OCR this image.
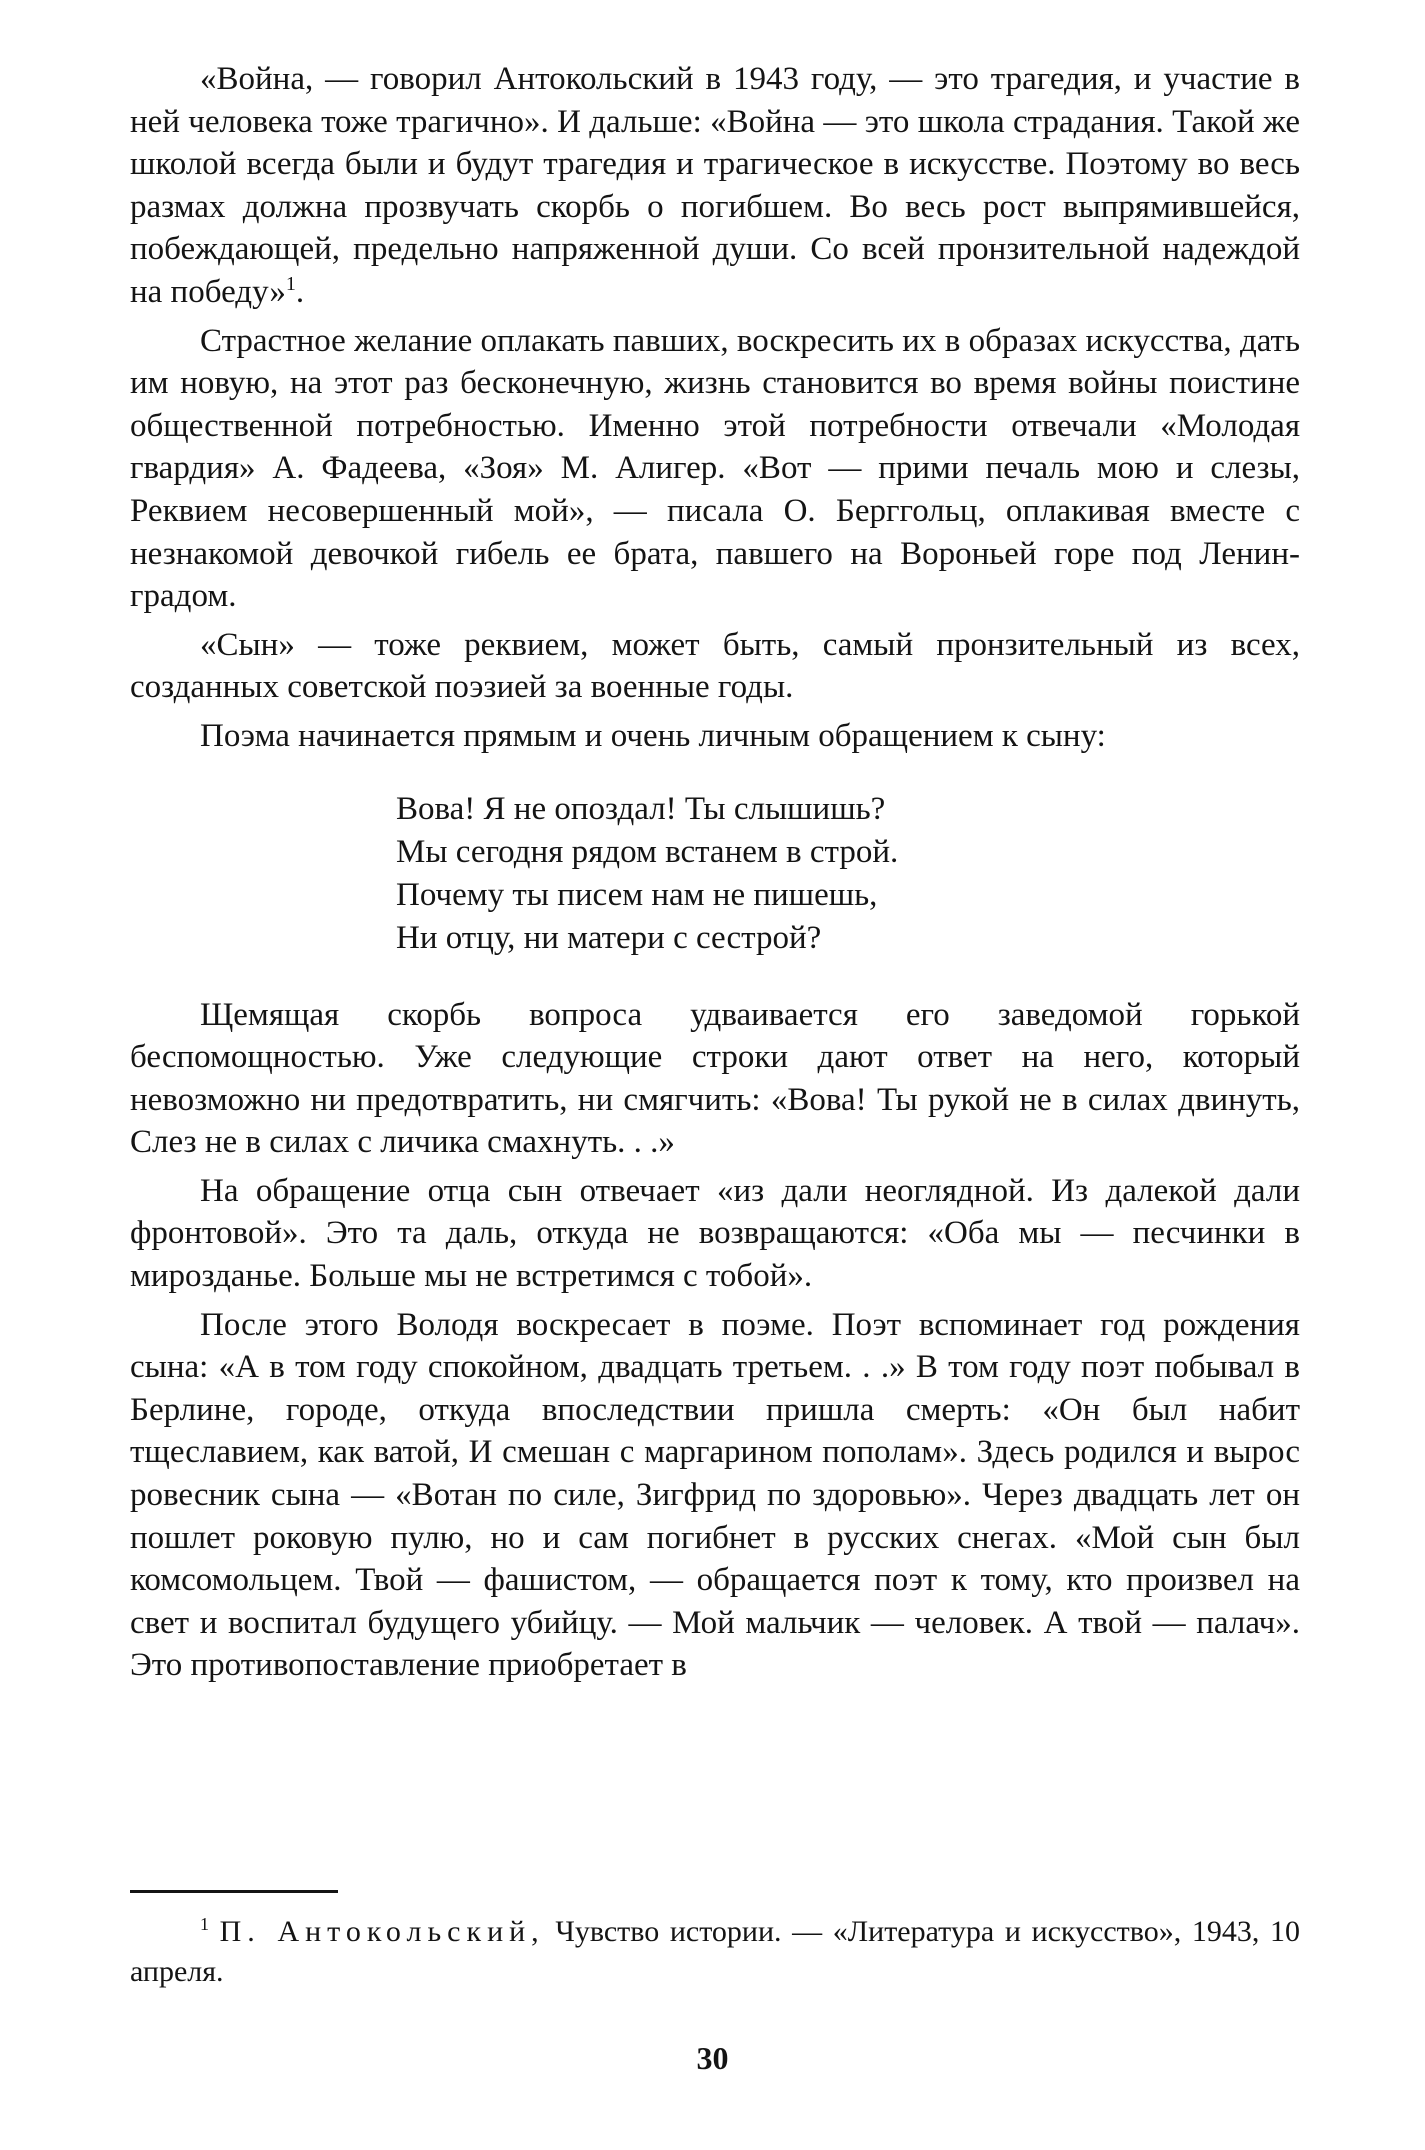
«Война, — говорил Антокольский в 1943 году, — это трагедия, и участие в ней человека тоже трагично». И дальше: «Война — это школа страдания. Такой же школой всегда были и будут трагедия и трагическое в искусстве. Поэтому во весь размах должна прозвучать скорбь о погибшем. Во весь рост выпрямившейся, побеждающей, предельно напряженной души. Со всей пронзительной надеждой на победу»$^1$.

Страстное желание оплакать павших, воскресить их в образах искусства, дать им новую, на этот раз бесконечную, жизнь становится во время войны поистине общественной потребностью. Именно этой потребности отвечали «Молодая гвардия» А. Фадеева, «Зоя» М. Алигер. «Вот — прими печаль мою и слезы, Реквием несовершенный мой», — писала О. Берггольц, оплакивая вместе с незнакомой девочкой гибель ее брата, павшего на Вороньей горе под Ленинградом.

«Сын» — тоже реквием, может быть, самый пронзительный из всех, созданных советской поэзией за военные годы.

Поэма начинается прямым и очень личным обращением к сыну:

Вова! Я не опоздал! Ты слышишь?
Мы сегодня рядом встанем в строй.
Почему ты писем нам не пишешь,
Ни отцу, ни матери с сестрой?

Щемящая скорбь вопроса удваивается его заведомой горькой беспомощностью. Уже следующие строки дают ответ на него, который невозможно ни предотвратить, ни смягчить: «Вова! Ты рукой не в силах двинуть, Слез не в силах с личика смахнуть. . .»

На обращение отца сын отвечает «из дали неоглядной. Из далекой дали фронтовой». Это та даль, откуда не возвращаются: «Оба мы — песчинки в мирозданье. Больше мы не встретимся с тобой».

После этого Володя воскресает в поэме. Поэт вспоминает год рождения сына: «А в том году спокойном, двадцать третьем. . .» В том году поэт побывал в Берлине, городе, откуда впоследствии пришла смерть: «Он был набит тщеславием, как ватой, И смешан с маргарином пополам». Здесь родился и вырос ровесник сына — «Вотан по силе, Зигфрид по здоровью». Через двадцать лет он пошлет роковую пулю, но и сам погибнет в русских снегах. «Мой сын был комсомольцем. Твой — фашистом, — обращается поэт к тому, кто произвел на свет и воспитал будущего убийцу. — Мой мальчик — человек. А твой — палач». Это противопоставление приобретает в

$^1$ П. Антокольский, Чувство истории. — «Литература и искусство», 1943, 10 апреля.

30
